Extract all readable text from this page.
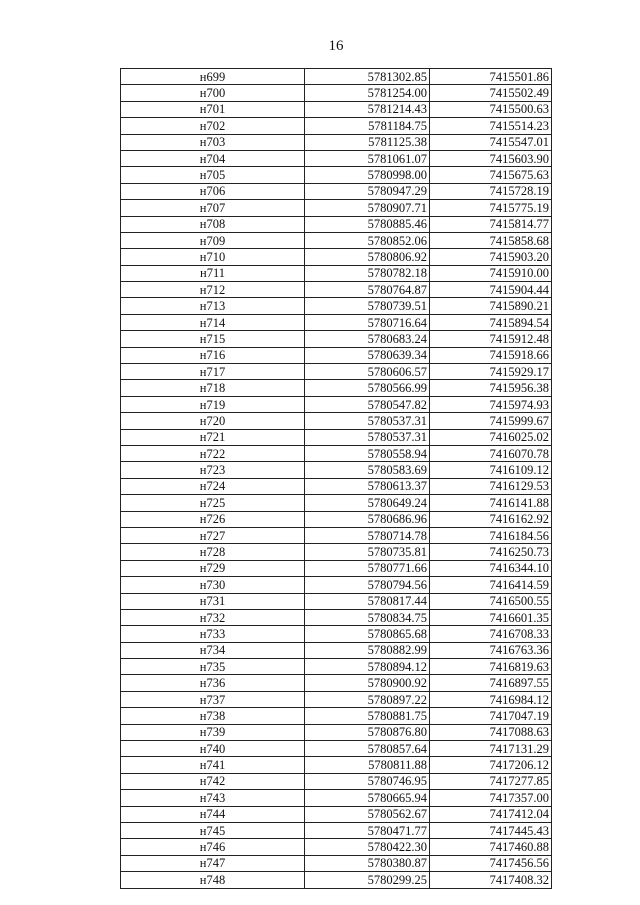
16
н699	5781302.85	7415501.86
н700	5781254.00	7415502.49
н701	5781214.43	7415500.63
н702	5781184.75	7415514.23
н703	5781125.38	7415547.01
н704	5781061.07	7415603.90
н705	5780998.00	7415675.63
н706	5780947.29	7415728.19
н707	5780907.71	7415775.19
н708	5780885.46	7415814.77
н709	5780852.06	7415858.68
н710	5780806.92	7415903.20
н711	5780782.18	7415910.00
н712	5780764.87	7415904.44
н713	5780739.51	7415890.21
н714	5780716.64	7415894.54
н715	5780683.24	7415912.48
н716	5780639.34	7415918.66
н717	5780606.57	7415929.17
н718	5780566.99	7415956.38
н719	5780547.82	7415974.93
н720	5780537.31	7415999.67
н721	5780537.31	7416025.02
н722	5780558.94	7416070.78
н723	5780583.69	7416109.12
н724	5780613.37	7416129.53
н725	5780649.24	7416141.88
н726	5780686.96	7416162.92
н727	5780714.78	7416184.56
н728	5780735.81	7416250.73
н729	5780771.66	7416344.10
н730	5780794.56	7416414.59
н731	5780817.44	7416500.55
н732	5780834.75	7416601.35
н733	5780865.68	7416708.33
н734	5780882.99	7416763.36
н735	5780894.12	7416819.63
н736	5780900.92	7416897.55
н737	5780897.22	7416984.12
н738	5780881.75	7417047.19
н739	5780876.80	7417088.63
н740	5780857.64	7417131.29
н741	5780811.88	7417206.12
н742	5780746.95	7417277.85
н743	5780665.94	7417357.00
н744	5780562.67	7417412.04
н745	5780471.77	7417445.43
н746	5780422.30	7417460.88
н747	5780380.87	7417456.56
н748	5780299.25	7417408.32
